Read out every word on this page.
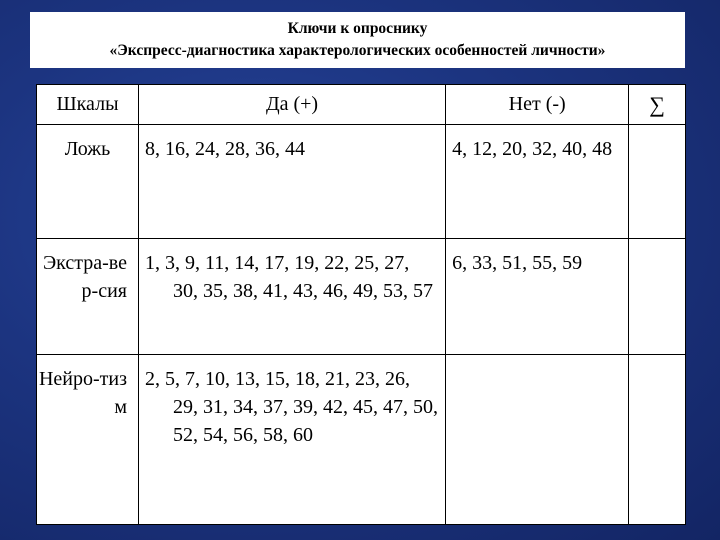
Ключи к опроснику
«Экспресс-диагностика характерологических особенностей личности»
Шкалы	Да (+)	Нет (-)	∑
Ложь	8, 16, 24, 28, 36, 44	4, 12, 20, 32, 40, 48	

Экстра-вер-сия	1, 3, 9, 11, 14, 17, 19, 22, 25, 27, 30, 35, 38, 41, 43, 46, 49, 53, 57	6, 33, 51, 55, 59	

Нейро-тизм	2, 5, 7, 10, 13, 15, 18, 21, 23, 26, 29, 31, 34, 37, 39, 42, 45, 47, 50, 52, 54, 56, 58, 60		
